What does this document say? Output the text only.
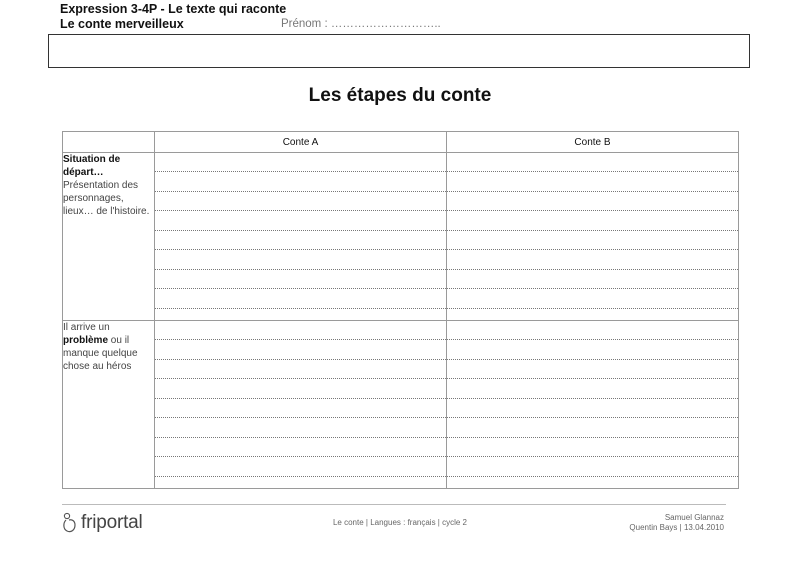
Expression 3-4P - Le texte qui raconte
Le conte merveilleux	Prénom : ………………………..
Les étapes du conte
	Conte A	Conte B
Situation de départ…
Présentation des personnages, lieux… de l'histoire.	

Il arrive un problème ou il manque quelque chose au héros	

friportal	Le conte | Langues : français | cycle 2
Samuel Glannaz
Quentin Bays | 13.04.2010
